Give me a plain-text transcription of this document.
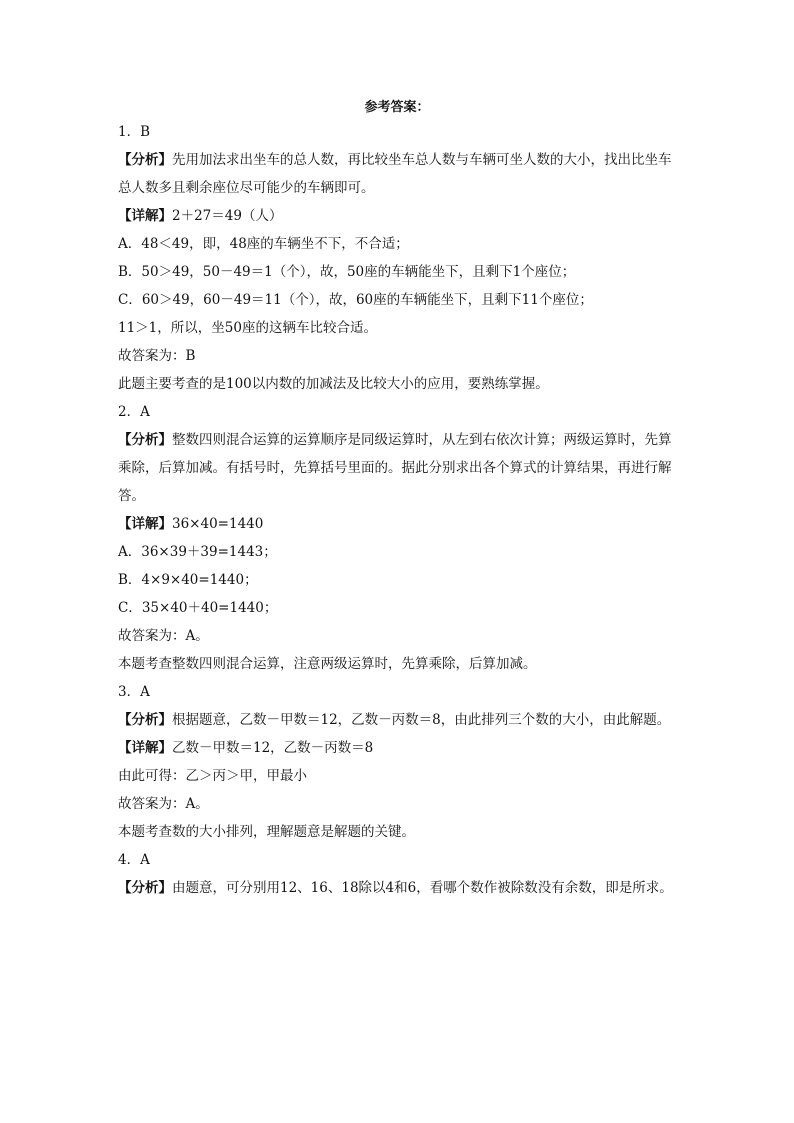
参考答案：

1．B

【分析】先用加法求出坐车的总人数，再比较坐车总人数与车辆可坐人数的大小，找出比坐车总人数多且剩余座位尽可能少的车辆即可。

【详解】2＋27＝49（人）

A．48＜49，即，48座的车辆坐不下，不合适；

B．50＞49，50－49＝1（个），故，50座的车辆能坐下，且剩下1个座位；

C．60＞49，60－49＝11（个），故，60座的车辆能坐下，且剩下11个座位；

11＞1，所以，坐50座的这辆车比较合适。

故答案为：B

此题主要考查的是100以内数的加减法及比较大小的应用，要熟练掌握。

2．A

【分析】整数四则混合运算的运算顺序是同级运算时，从左到右依次计算；两级运算时，先算乘除，后算加减。有括号时，先算括号里面的。据此分别求出各个算式的计算结果，再进行解答。

【详解】36×40=1440

A．36×39＋39=1443；

B．4×9×40=1440；

C．35×40＋40=1440；

故答案为：A。

本题考查整数四则混合运算，注意两级运算时，先算乘除，后算加减。

3．A

【分析】根据题意，乙数－甲数＝12，乙数－丙数＝8，由此排列三个数的大小，由此解题。

【详解】乙数－甲数＝12，乙数－丙数＝8

由此可得：乙＞丙＞甲，甲最小

故答案为：A。

本题考查数的大小排列，理解题意是解题的关键。

4．A

【分析】由题意，可分别用12、16、18除以4和6，看哪个数作被除数没有余数，即是所求。
